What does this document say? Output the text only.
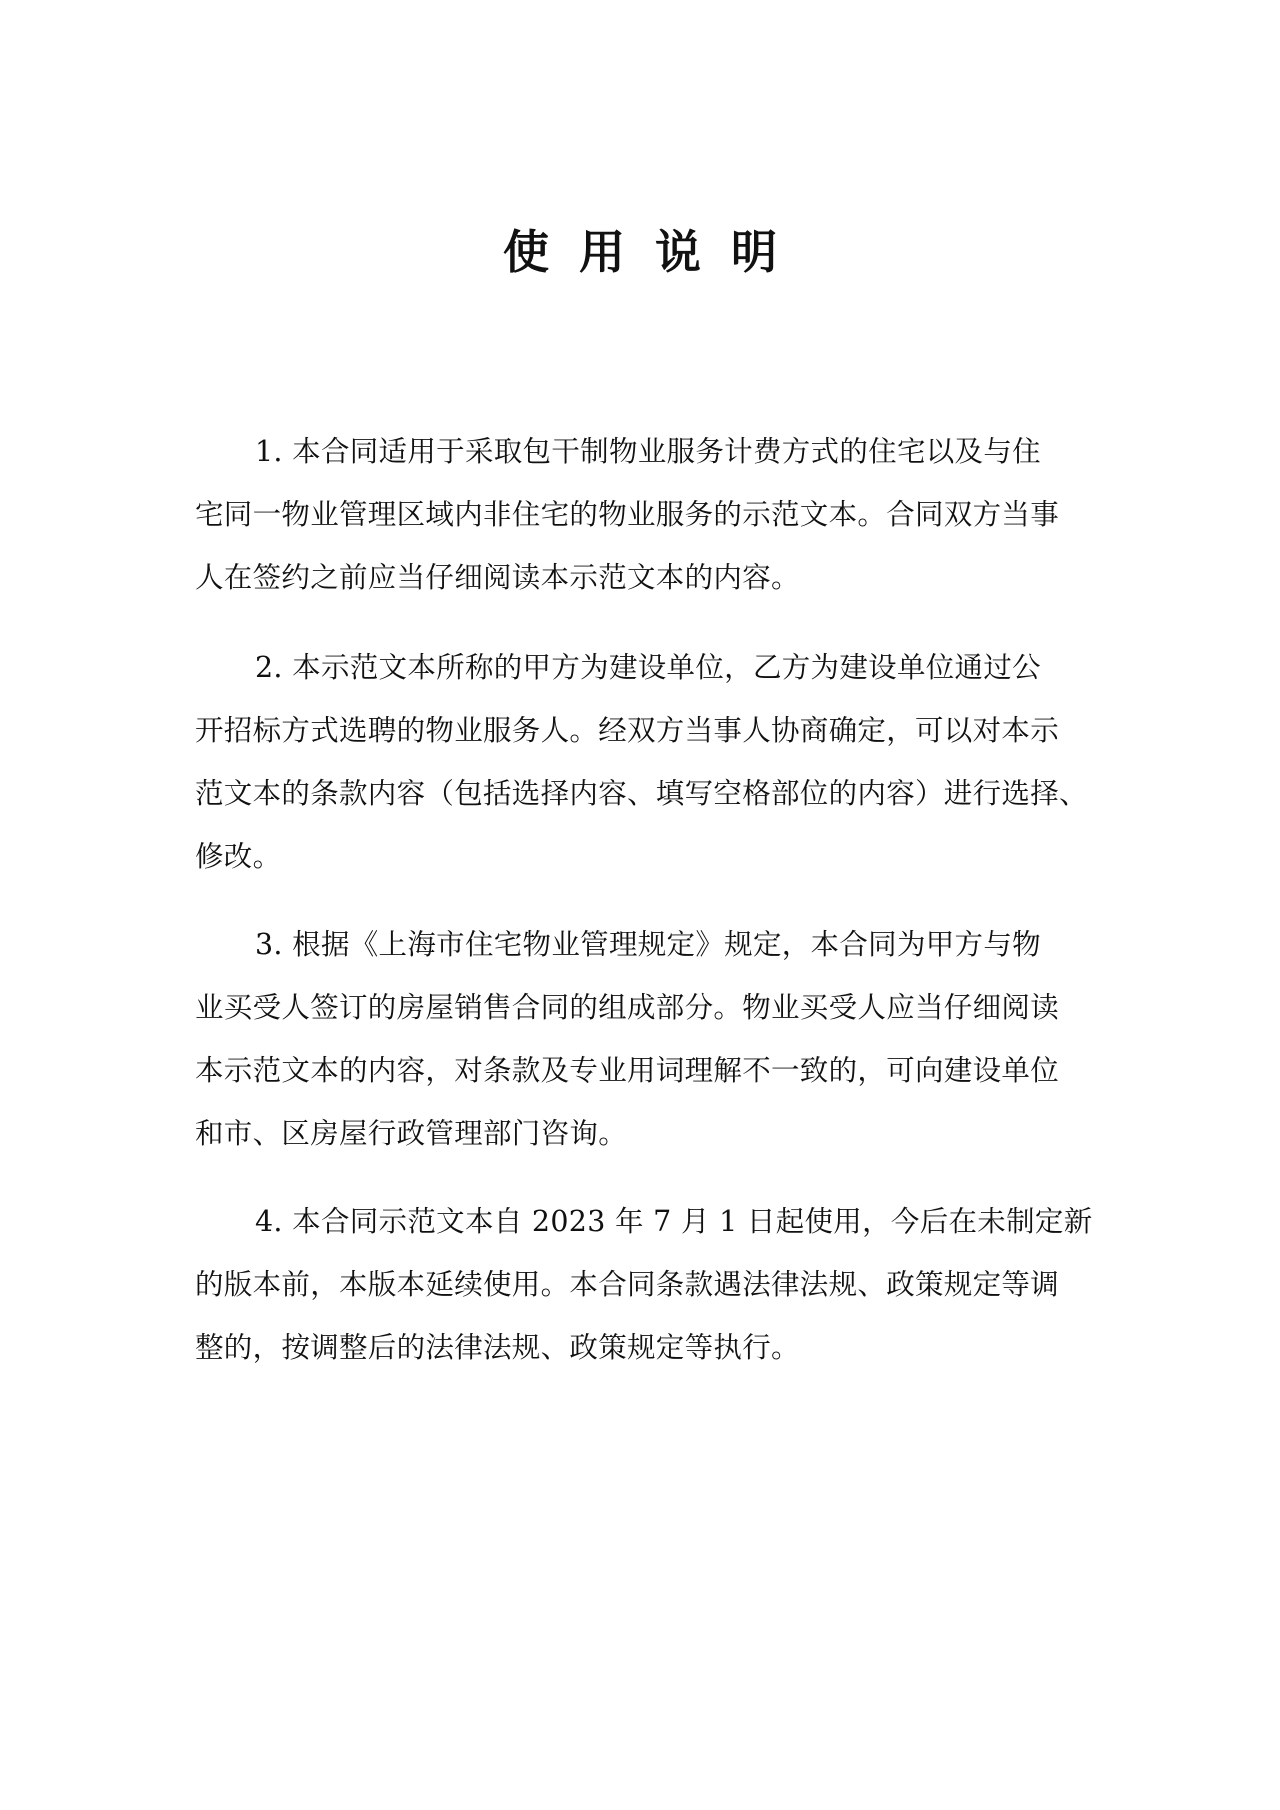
使用说明
1. 本合同适用于采取包干制物业服务计费方式的住宅以及与住
宅同一物业管理区域内非住宅的物业服务的示范文本。合同双方当事
人在签约之前应当仔细阅读本示范文本的内容。
2. 本示范文本所称的甲方为建设单位，乙方为建设单位通过公
开招标方式选聘的物业服务人。经双方当事人协商确定，可以对本示
范文本的条款内容（包括选择内容、填写空格部位的内容）进行选择、
修改。
3. 根据《上海市住宅物业管理规定》规定，本合同为甲方与物
业买受人签订的房屋销售合同的组成部分。物业买受人应当仔细阅读
本示范文本的内容，对条款及专业用词理解不一致的，可向建设单位
和市、区房屋行政管理部门咨询。
4. 本合同示范文本自 2023 年 7 月 1 日起使用，今后在未制定新
的版本前，本版本延续使用。本合同条款遇法律法规、政策规定等调
整的，按调整后的法律法规、政策规定等执行。
